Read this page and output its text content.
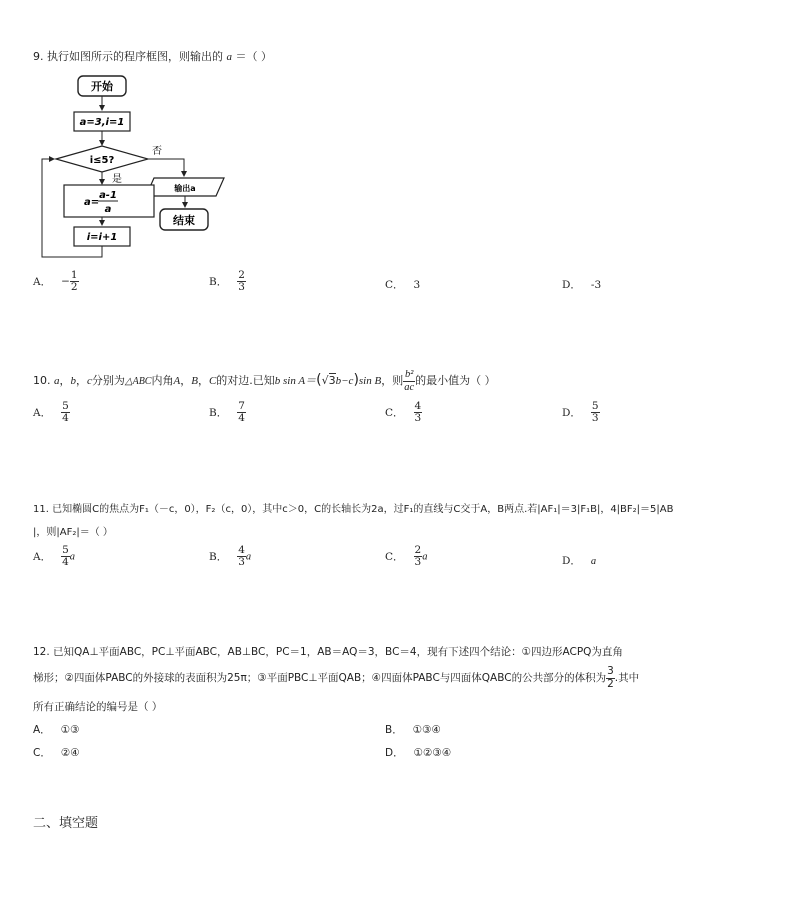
9. 执行如图所示的程序框图，则输出的 a ＝（ ）
开始
a=3,i=1
i≤5?
否
输出a
结束
是
a=
a-1
a
i=i+1
A． − $\frac{1}{2}$	B． $\frac{2}{3}$	C． 3	D． -3
10. a，b，c分别为△ABC内角A，B，C的对边.已知b sin A＝(√3b−c)sin B，则 $\frac{\text{b²}}{ac}$ 的最小值为（ ）
A． $\frac{5}{4}$	B． $\frac{7}{4}$	C． $\frac{4}{3}$	D． $\frac{5}{3}$
11. 已知椭圆C的焦点为F₁（－c，0），F₂（c，0），其中c＞0，C的长轴长为2a，过F₁的直线与C交于A，B两点.若|AF₁|＝3|F₁B|，4|BF₂|＝5|AB
|，则|AF₂|＝（ ）
A． $\frac{5}{4}$ a	B． $\frac{4}{3}$ a	C． $\frac{2}{3}$ a	D． a
12. 已知QA⊥平面ABC，PC⊥平面ABC，AB⊥BC，PC＝1，AB＝AQ＝3，BC＝4，现有下述四个结论：①四边形ACPQ为直角
梯形；②四面体PABC的外接球的表面积为25π；③平面PBC⊥平面QAB；④四面体PABC与四面体QABC的公共部分的体积为 $\frac{3}{2}$ .其中
所有正确结论的编号是（ ）
A． ①③	B． ①③④
C． ②④	D． ①②③④
二、填空题
